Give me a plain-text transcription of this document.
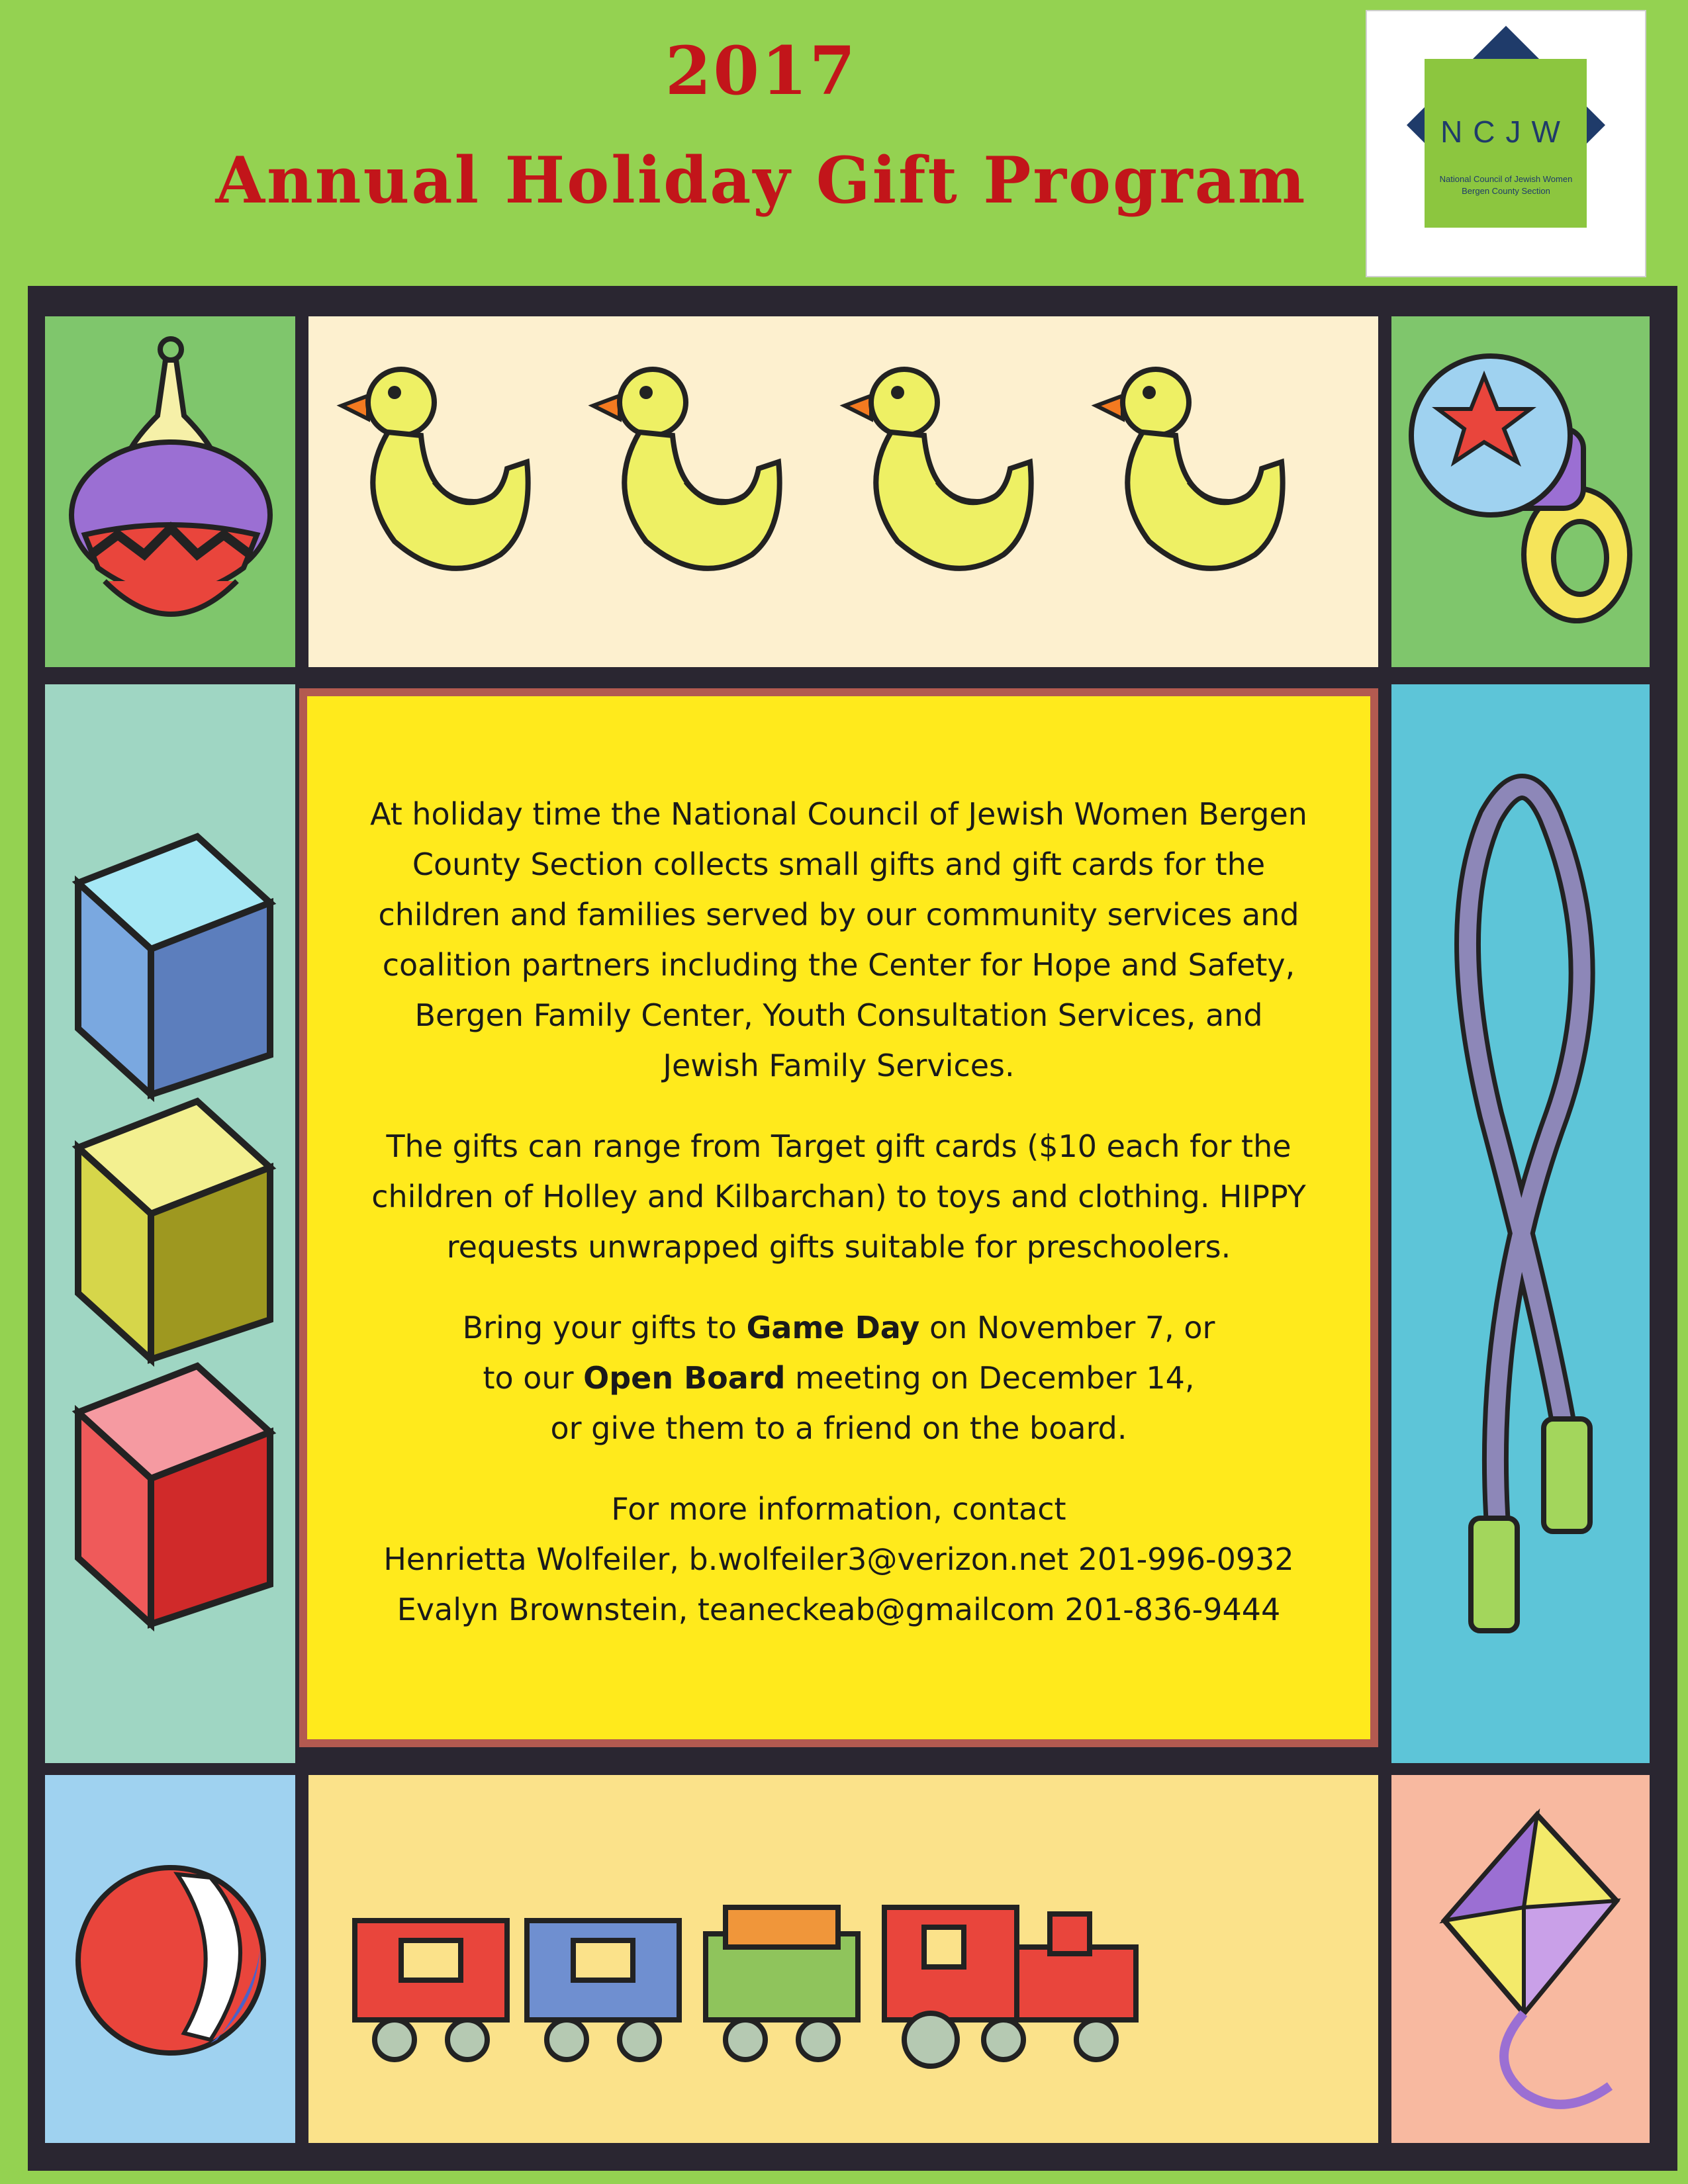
2017
Annual Holiday Gift Program
NCJW
National Council of Jewish Women
Bergen County Section

At holiday time the National Council of Jewish Women Bergen
County Section collects small gifts and gift cards for the
children and families served by our community services and
coalition partners including the Center for Hope and Safety,
Bergen Family Center, Youth Consultation Services, and
Jewish Family Services.

The gifts can range from Target gift cards ($10 each for the
children of Holley and Kilbarchan) to toys and clothing. HIPPY
requests unwrapped gifts suitable for preschoolers.

Bring your gifts to Game Day on November 7, or
to our Open Board meeting on December 14,
or give them to a friend on the board.

For more information, contact
Henrietta Wolfeiler, b.wolfeiler3@verizon.net 201-996-0932
Evalyn Brownstein, teaneckeab@gmailcom 201-836-9444
